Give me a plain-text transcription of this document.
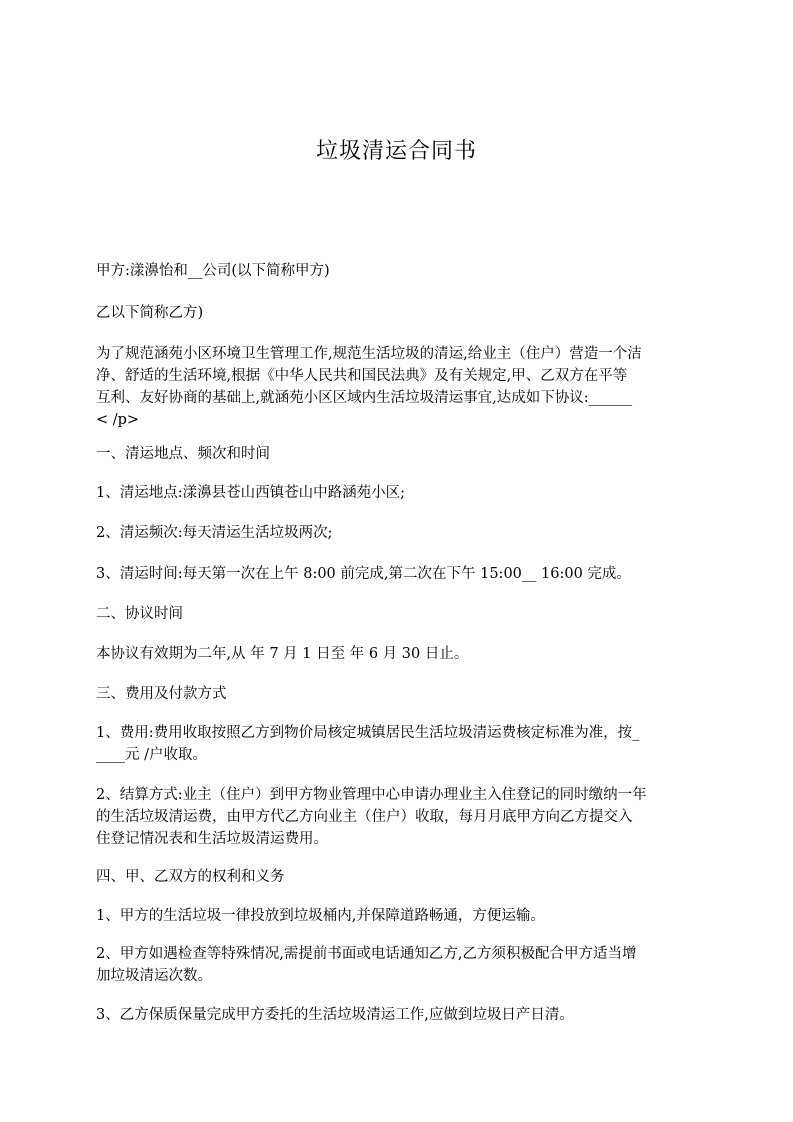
垃圾清运合同书

甲方:漾濞怡和__公司(以下简称甲方)

乙以下简称乙方)

为了规范涵苑小区环境卫生管理工作,规范生活垃圾的清运,给业主（住户）营造一个洁
净、舒适的生活环境,根据《中华人民共和国民法典》及有关规定,甲、乙双方在平等
互利、友好协商的基础上,就涵苑小区区域内生活垃圾清运事宜,达成如下协议:______
< /p>

一、清运地点、频次和时间

1、清运地点:漾濞县苍山西镇苍山中路涵苑小区;

2、清运频次:每天清运生活垃圾两次;

3、清运时间:每天第一次在上午 8:00 前完成,第二次在下午 15:00__ 16:00 完成。

二、协议时间

本协议有效期为二年,从 年 7 月 1 日至 年 6 月 30 日止。

三、费用及付款方式

1、费用:费用收取按照乙方到物价局核定城镇居民生活垃圾清运费核定标准为准，按_
____元 /户收取。

2、结算方式:业主（住户）到甲方物业管理中心申请办理业主入住登记的同时缴纳一年
的生活垃圾清运费，由甲方代乙方向业主（住户）收取，每月月底甲方向乙方提交入
住登记情况表和生活垃圾清运费用。

四、甲、乙双方的权利和义务

1、甲方的生活垃圾一律投放到垃圾桶内,并保障道路畅通，方便运输。

2、甲方如遇检查等特殊情况,需提前书面或电话通知乙方,乙方须积极配合甲方适当增
加垃圾清运次数。

3、乙方保质保量完成甲方委托的生活垃圾清运工作,应做到垃圾日产日清。
